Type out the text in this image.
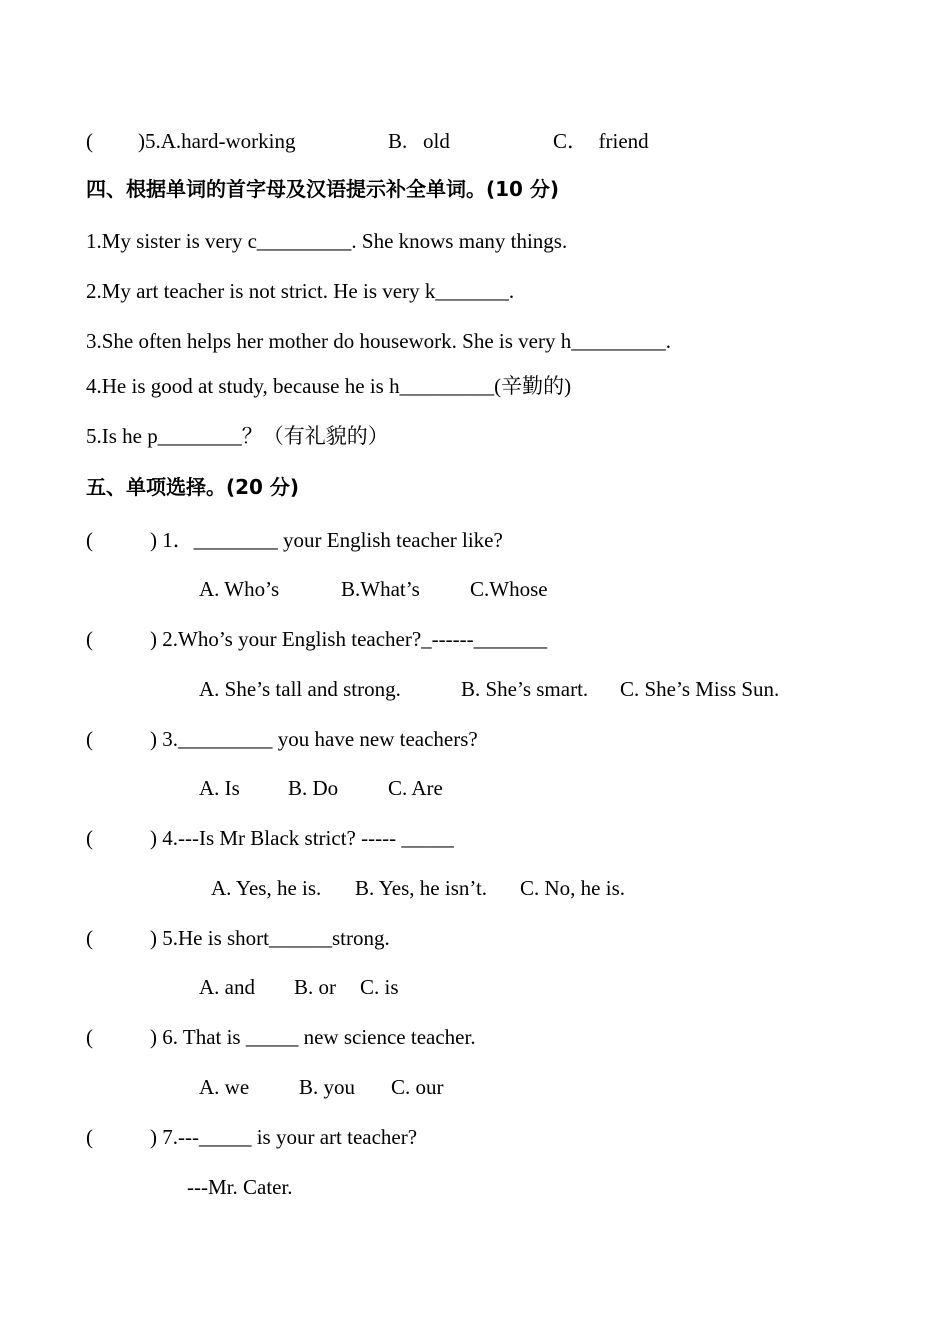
( )5.A.hard-working	B.   old	C．  friend
四、根据单词的首字母及汉语提示补全单词。(10 分)
1.My sister is very c_________. She knows many things.
2.My art teacher is not strict. He is very k_______.
3.She often helps her mother do housework. She is very h_________.
4.He is good at study, because he is h_________(辛勤的)
5.Is he p________？（有礼貌的）
五、单项选择。(20 分)
(	) 1．________ your English teacher like?
A. Who’s	B.What’s C.Whose
(	) 2.Who’s your English teacher?_------_______
A. She’s tall and strong.	B. She’s smart. C. She’s Miss Sun.
(	) 3._________ you have new teachers?
A. Is B. Do C. Are
(	) 4.---Is Mr Black strict? ----- _____
A. Yes, he is. B. Yes, he isn’t. C. No, he is.
(	) 5.He is short______strong.
A. and B. or C. is
(	) 6. That is _____ new science teacher.
A. we B. you C. our
(	) 7.---_____ is your art teacher?
---Mr. Cater.
